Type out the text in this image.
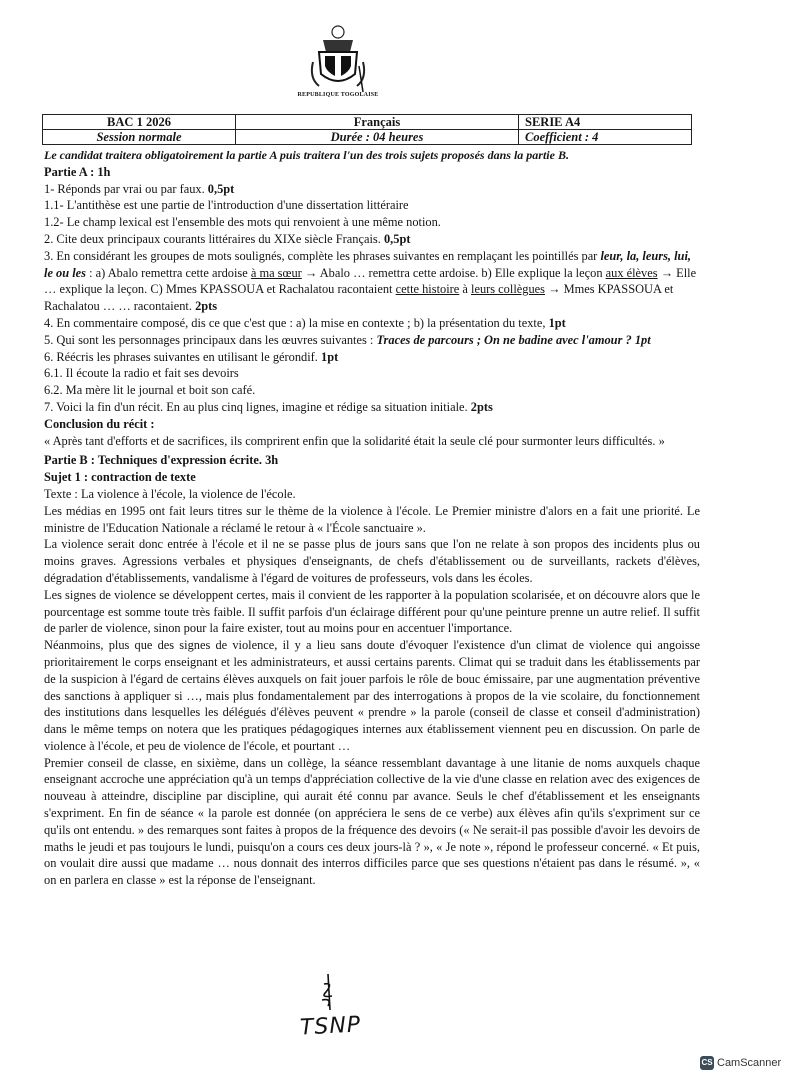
REPUBLIQUE TOGOLAISE
BAC 1 2026	Français	SERIE A4
Session normale	Durée : 04 heures	Coefficient : 4

Le candidat traitera obligatoirement la partie A puis traitera l'un des trois sujets proposés dans la partie B.

Partie A : 1h

1- Réponds par vrai ou par faux. 0,5pt

1.1- L'antithèse est une partie de l'introduction d'une dissertation littéraire

1.2- Le champ lexical est l'ensemble des mots qui renvoient à une même notion.

2. Cite deux principaux courants littéraires du XIXe siècle Français. 0,5pt

3. En considérant les groupes de mots soulignés, complète les phrases suivantes en remplaçant les pointillés par leur, la, leurs, lui, le ou les : a) Abalo remettra cette ardoise à ma sœur → Abalo … remettra cette ardoise. b) Elle explique la leçon aux élèves → Elle … explique la leçon. C) Mmes KPASSOUA et Rachalatou racontaient cette histoire à leurs collègues → Mmes KPASSOUA et Rachalatou … … racontaient. 2pts

4. En commentaire composé, dis ce que c'est que : a) la mise en contexte ; b) la présentation du texte, 1pt

5. Qui sont les personnages principaux dans les œuvres suivantes : Traces de parcours ; On ne badine avec l'amour ? 1pt

6. Réécris les phrases suivantes en utilisant le gérondif. 1pt

6.1. Il écoute la radio et fait ses devoirs

6.2. Ma mère lit le journal et boit son café.

7. Voici la fin d'un récit. En au plus cinq lignes, imagine et rédige sa situation initiale. 2pts

Conclusion du récit :

« Après tant d'efforts et de sacrifices, ils comprirent enfin que la solidarité était la seule clé pour surmonter leurs difficultés. »

Partie B : Techniques d'expression écrite. 3h

Sujet 1 : contraction de texte

Texte : La violence à l'école, la violence de l'école.

Les médias en 1995 ont fait leurs titres sur le thème de la violence à l'école. Le Premier ministre d'alors en a fait une priorité. Le ministre de l'Education Nationale a réclamé le retour à « l'École sanctuaire ».

La violence serait donc entrée à l'école et il ne se passe plus de jours sans que l'on ne relate à son propos des incidents plus ou moins graves. Agressions verbales et physiques d'enseignants, de chefs d'établissement ou de surveillants, rackets d'élèves, dégradation d'établissements, vandalisme à l'égard de voitures de professeurs, vols dans les écoles.

Les signes de violence se développent certes, mais il convient de les rapporter à la population scolarisée, et on découvre alors que le pourcentage est somme toute très faible. Il suffit parfois d'un éclairage différent pour qu'une peinture prenne un autre relief. Il suffit de parler de violence, sinon pour la faire exister, tout au moins pour en accentuer l'importance.

Néanmoins, plus que des signes de violence, il y a lieu sans doute d'évoquer l'existence d'un climat de violence qui angoisse prioritairement le corps enseignant et les administrateurs, et aussi certains parents. Climat qui se traduit dans les établissements par de la suspicion à l'égard de certains élèves auxquels on fait jouer parfois le rôle de bouc émissaire, par une augmentation préventive des sanctions à appliquer si …, mais plus fondamentalement par des interrogations à propos de la vie scolaire, du fonctionnement des institutions dans lesquelles les délégués d'élèves peuvent « prendre » la parole (conseil de classe et conseil d'administration) dans le même temps on notera que les pratiques pédagogiques internes aux établissement viennent peu en discussion. On parle de violence à l'école, et peu de violence de l'école, et pourtant …

Premier conseil de classe, en sixième, dans un collège, la séance ressemblant davantage à une litanie de noms auxquels chaque enseignant accroche une appréciation qu'à un temps d'appréciation collective de la vie d'une classe en relation avec des exigences de nouveau à atteindre, discipline par discipline, qui aurait été connu par avance. Seuls le chef d'établissement et les enseignants s'expriment. En fin de séance « la parole est donnée (on appréciera le sens de ce verbe) aux élèves afin qu'ils s'expriment sur ce qu'ils ont entendu. » des remarques sont faites à propos de la fréquence des devoirs (« Ne serait-il pas possible d'avoir les devoirs de maths le jeudi et pas toujours le lundi, puisqu'on a cours ces deux jours-là ? », « Je note », répond le professeur concerné. « Et puis, on voulait dire aussi que madame … nous donnait des interros difficiles parce que ses questions n'étaient pas dans le résumé. », « on en parlera en classe » est la réponse de l'enseignant.

TSNP
CS CamScanner
